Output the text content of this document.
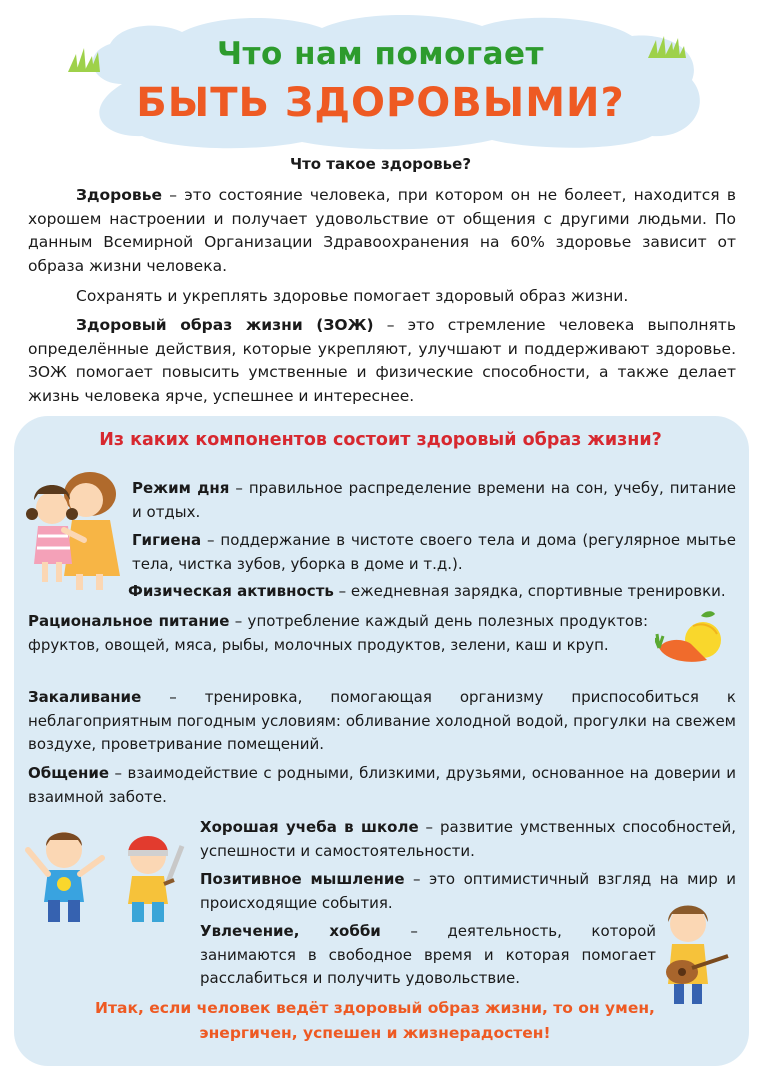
Что нам помогает
БЫТЬ ЗДОРОВЫМИ?
Что такое здоровье?
Здоровье – это состояние человека, при котором он не болеет, находится в хорошем настроении и получает удовольствие от общения с другими людьми. По данным Всемирной Организации Здравоохранения на 60% здоровье зависит от образа жизни человека.
Сохранять и укреплять здоровье помогает здоровый образ жизни.
Здоровый образ жизни (ЗОЖ) – это стремление человека выполнять определённые действия, которые укрепляют, улучшают и поддерживают здоровье. ЗОЖ помогает повысить умственные и физические способности, а также делает жизнь человека ярче, успешнее и интереснее.
Из каких компонентов состоит здоровый образ жизни?
Режим дня – правильное распределение времени на сон, учебу, питание и отдых.
Гигиена – поддержание в чистоте своего тела и дома (регулярное мытье тела, чистка зубов, уборка в доме и т.д.).
Физическая активность – ежедневная зарядка, спортивные тренировки.
Рациональное питание – употребление каждый день полезных продуктов: фруктов, овощей, мяса, рыбы, молочных продуктов, зелени, каш и круп.
Закаливание – тренировка, помогающая организму приспособиться к неблагоприятным погодным условиям: обливание холодной водой, прогулки на свежем воздухе, проветривание помещений.
Общение – взаимодействие с родными, близкими, друзьями, основанное на доверии и взаимной заботе.
Хорошая учеба в школе – развитие умственных способностей, успешности и самостоятельности.
Позитивное мышление – это оптимистичный взгляд на мир и происходящие события.
Увлечение, хобби – деятельность, которой занимаются в свободное время и которая помогает расслабиться и получить удовольствие.
Итак, если человек ведёт здоровый образ жизни, то он умен, энергичен, успешен и жизнерадостен!
